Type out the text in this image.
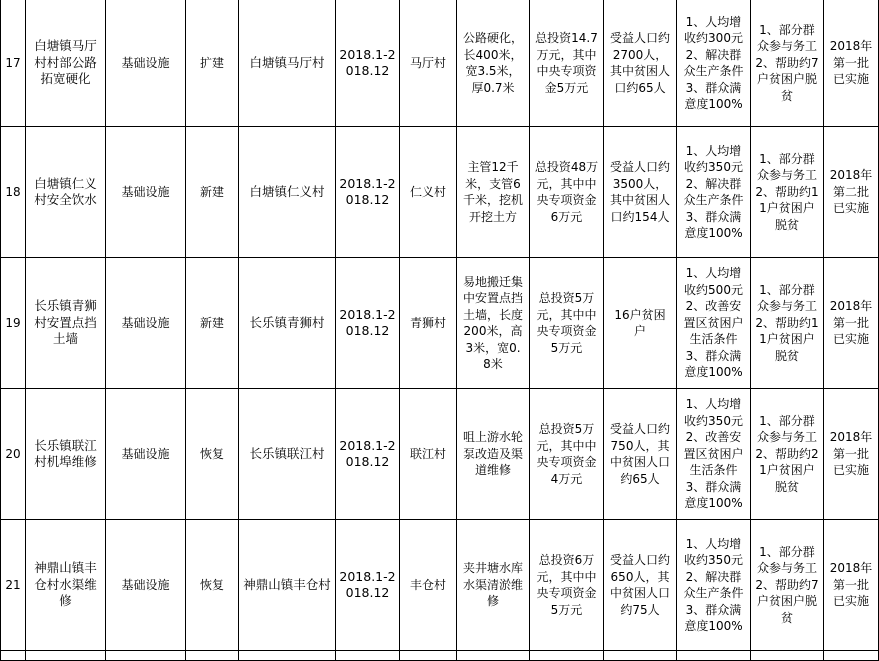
17	白塘镇马厅村村部公路拓宽硬化	基础设施	扩建	白塘镇马厅村	2018.1-2018.12	马厅村	公路硬化，长400米，宽3.5米，厚0.7米	总投资14.7万元，其中中央专项资金5万元	受益人口约2700人，其中贫困人口约65人	1、人均增收约300元2、解决群众生产条件3、群众满意度100%	1、部分群众参与务工2、帮助约7户贫困户脱贫	2018年第一批已实施
18	白塘镇仁义村安全饮水	基础设施	新建	白塘镇仁义村	2018.1-2018.12	仁义村	主管12千米，支管6千米，挖机开挖土方	总投资48万元，其中中央专项资金6万元	受益人口约3500人，其中贫困人口约154人	1、人均增收约350元2、解决群众生产条件3、群众满意度100%	1、部分群众参与务工2、帮助约11户贫困户脱贫	2018年第二批已实施
19	长乐镇青狮村安置点挡土墙	基础设施	新建	长乐镇青狮村	2018.1-2018.12	青狮村	易地搬迁集中安置点挡土墙，长度200米，高3米，宽0.8米	总投资5万元，其中中央专项资金5万元	16户贫困户	1、人均增收约500元2、改善安置区贫困户生活条件3、群众满意度100%	1、部分群众参与务工2、帮助约11户贫困户脱贫	2018年第一批已实施
20	长乐镇联江村机埠维修	基础设施	恢复	长乐镇联江村	2018.1-2018.12	联江村	咀上游水轮泵改造及渠道维修	总投资5万元，其中中央专项资金4万元	受益人口约750人，其中贫困人口约65人	1、人均增收约350元2、改善安置区贫困户生活条件3、群众满意度100%	1、部分群众参与务工2、帮助约21户贫困户脱贫	2018年第一批已实施
21	神鼎山镇丰仓村水渠维修	基础设施	恢复	神鼎山镇丰仓村	2018.1-2018.12	丰仓村	夹井塘水库水渠清淤维修	总投资6万元，其中中央专项资金5万元	受益人口约650人，其中贫困人口约75人	1、人均增收约350元2、解决群众生产条件3、群众满意度100%	1、部分群众参与务工2、帮助约7户贫困户脱贫	2018年第一批已实施
